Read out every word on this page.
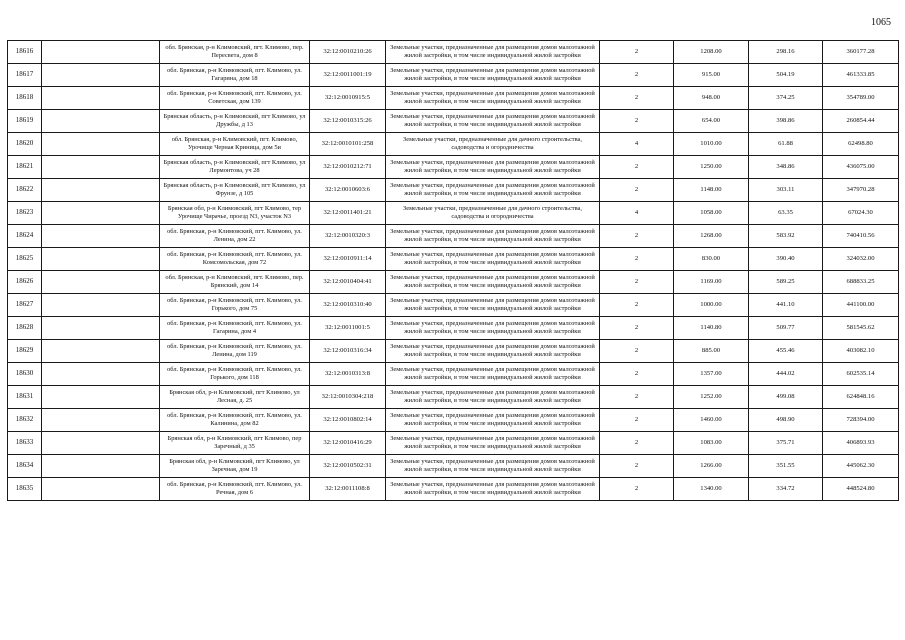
1065
18616		обл. Брянская, р-н Климовский, пгт. Климово, пер. Пересвета, дом 8	32:12:0010210:26	Земельные участки, предназначенные для размещения домов малоэтажной жилой застройки, в том числе индивидуальной жилой застройки	2	1208.00	298.16	360177.28
18617		обл. Брянская, р-н Климовский, пгт. Климово, ул. Гагарина, дом 18	32:12:0011001:19	Земельные участки, предназначенные для размещения домов малоэтажной жилой застройки, в том числе индивидуальной жилой застройки	2	915.00	504.19	461333.85
18618		обл. Брянская, р-н Климовский, пгт. Климово, ул. Советская, дом 139	32:12:0010915:5	Земельные участки, предназначенные для размещения домов малоэтажной жилой застройки, в том числе индивидуальной жилой застройки	2	948.00	374.25	354789.00
18619		Брянская область, р-н Климовский, пгт Климово, ул Дружбы, д 13	32:12:0010315:26	Земельные участки, предназначенные для размещения домов малоэтажной жилой застройки, в том числе индивидуальной жилой застройки	2	654.00	398.86	260854.44
18620		обл. Брянская, р-н Климовский, пгт. Климово, Урочище Черная Криница, дом 5и	32:12:0010101:258	Земельные участки, предназначенные для дачного строительства, садоводства и огородничества	4	1010.00	61.88	62498.80
18621		Брянская область, р-н Климовский, пгт Климово, ул Лермонтова, уч 28	32:12:0010212:71	Земельные участки, предназначенные для размещения домов малоэтажной жилой застройки, в том числе индивидуальной жилой застройки	2	1250.00	348.86	436075.00
18622		Брянская область, р-н Климовский, пгт Климово, ул Фрунзе, д 105	32:12:0010603:6	Земельные участки, предназначенные для размещения домов малоэтажной жилой застройки, в том числе индивидуальной жилой застройки	2	1148.00	303.11	347970.28
18623		Брянская обл, р-н Климовский, пгт Климово, тер Урочище Чирачье, проезд N3, участок N3	32:12:0011401:21	Земельные участки, предназначенные для дачного строительства, садоводства и огородничества	4	1058.00	63.35	67024.30
18624		обл. Брянская, р-н Климовский, пгт. Климово, ул. Ленина, дом 22	32:12:0010320:3	Земельные участки, предназначенные для размещения домов малоэтажной жилой застройки, в том числе индивидуальной жилой застройки	2	1268.00	583.92	740410.56
18625		обл. Брянская, р-н Климовский, пгт. Климово, ул. Комсомольская, дом 72	32:12:0010911:14	Земельные участки, предназначенные для размещения домов малоэтажной жилой застройки, в том числе индивидуальной жилой застройки	2	830.00	390.40	324032.00
18626		обл. Брянская, р-н Климовский, пгт. Климово, пер. Брянский, дом 14	32:12:0010404:41	Земельные участки, предназначенные для размещения домов малоэтажной жилой застройки, в том числе индивидуальной жилой застройки	2	1169.00	589.25	688833.25
18627		обл. Брянская, р-н Климовский, пгт. Климово, ул. Горького, дом 75	32:12:0010310:40	Земельные участки, предназначенные для размещения домов малоэтажной жилой застройки, в том числе индивидуальной жилой застройки	2	1000.00	441.10	441100.00
18628		обл. Брянская, р-н Климовский, пгт. Климово, ул. Гагарина, дом 4	32:12:0011001:5	Земельные участки, предназначенные для размещения домов малоэтажной жилой застройки, в том числе индивидуальной жилой застройки	2	1140.80	509.77	581545.62
18629		обл. Брянская, р-н Климовский, пгт. Климово, ул. Ленина, дом 119	32:12:0010316:34	Земельные участки, предназначенные для размещения домов малоэтажной жилой застройки, в том числе индивидуальной жилой застройки	2	885.00	455.46	403082.10
18630		обл. Брянская, р-н Климовский, пгт. Климово, ул. Горького, дом 118	32:12:0010313:8	Земельные участки, предназначенные для размещения домов малоэтажной жилой застройки, в том числе индивидуальной жилой застройки	2	1357.00	444.02	602535.14
18631		Брянская обл, р-н Климовский, пгт Климово, ул Лесная, д. 25	32:12:0010304:218	Земельные участки, предназначенные для размещения домов малоэтажной жилой застройки, в том числе индивидуальной жилой застройки	2	1252.00	499.08	624848.16
18632		обл. Брянская, р-н Климовский, пгт. Климово, ул. Калинина, дом 82	32:12:0010802:14	Земельные участки, предназначенные для размещения домов малоэтажной жилой застройки, в том числе индивидуальной жилой застройки	2	1460.00	498.90	728394.00
18633		Брянская обл, р-н Климовский, пгт Климово, пер Заречный, д 35	32:12:0010416:29	Земельные участки, предназначенные для размещения домов малоэтажной жилой застройки, в том числе индивидуальной жилой застройки	2	1083.00	375.71	406893.93
18634		Брянская обл, р-н Климовский, пгт Климово, ул Заречная, дом 19	32:12:0010502:31	Земельные участки, предназначенные для размещения домов малоэтажной жилой застройки, в том числе индивидуальной жилой застройки	2	1266.00	351.55	445062.30
18635		обл. Брянская, р-н Климовский, пгт. Климово, ул. Речная, дом 6	32:12:0011108:8	Земельные участки, предназначенные для размещения домов малоэтажной жилой застройки, в том числе индивидуальной жилой застройки	2	1340.00	334.72	448524.80
